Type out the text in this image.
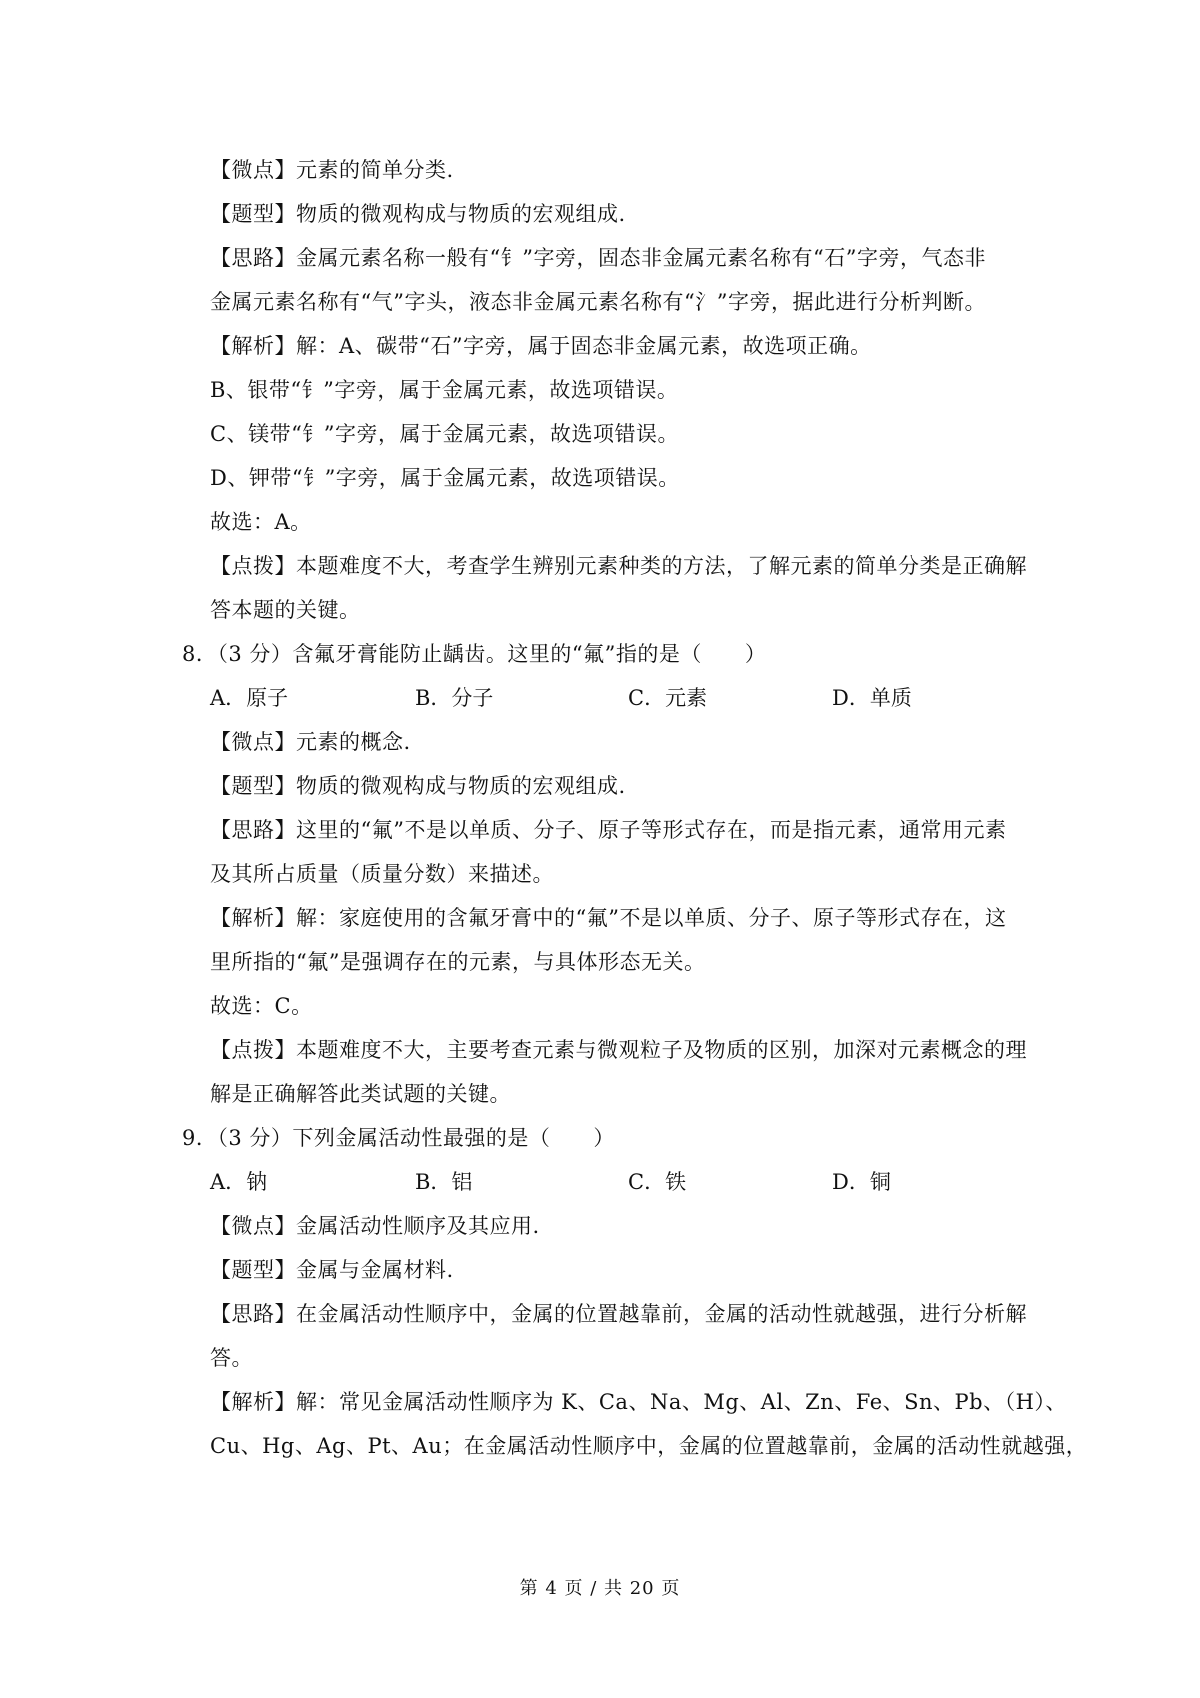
【微点】元素的简单分类.
【题型】物质的微观构成与物质的宏观组成.
【思路】金属元素名称一般有“钅”字旁，固态非金属元素名称有“石”字旁，气态非
金属元素名称有“气”字头，液态非金属元素名称有“氵”字旁，据此进行分析判断。
【解析】解：A、碳带“石”字旁，属于固态非金属元素，故选项正确。
B、银带“钅”字旁，属于金属元素，故选项错误。
C、镁带“钅”字旁，属于金属元素，故选项错误。
D、钾带“钅”字旁，属于金属元素，故选项错误。
故选：A。
【点拨】本题难度不大，考查学生辨别元素种类的方法，了解元素的简单分类是正确解
答本题的关键。
8．（3 分）含氟牙膏能防止龋齿。这里的“氟”指的是（　　）
A．原子	B．分子	C．元素	D．单质
【微点】元素的概念.
【题型】物质的微观构成与物质的宏观组成.
【思路】这里的“氟”不是以单质、分子、原子等形式存在，而是指元素，通常用元素
及其所占质量（质量分数）来描述。
【解析】解：家庭使用的含氟牙膏中的“氟”不是以单质、分子、原子等形式存在，这
里所指的“氟”是强调存在的元素，与具体形态无关。
故选：C。
【点拨】本题难度不大，主要考查元素与微观粒子及物质的区别，加深对元素概念的理
解是正确解答此类试题的关键。
9．（3 分）下列金属活动性最强的是（　　）
A．钠	B．铝	C．铁	D．铜
【微点】金属活动性顺序及其应用.
【题型】金属与金属材料.
【思路】在金属活动性顺序中，金属的位置越靠前，金属的活动性就越强，进行分析解
答。
【解析】解：常见金属活动性顺序为 K、Ca、Na、Mg、Al、Zn、Fe、Sn、Pb、（H）、
Cu、Hg、Ag、Pt、Au；在金属活动性顺序中，金属的位置越靠前，金属的活动性就越强，
第 4 页 / 共 20 页
